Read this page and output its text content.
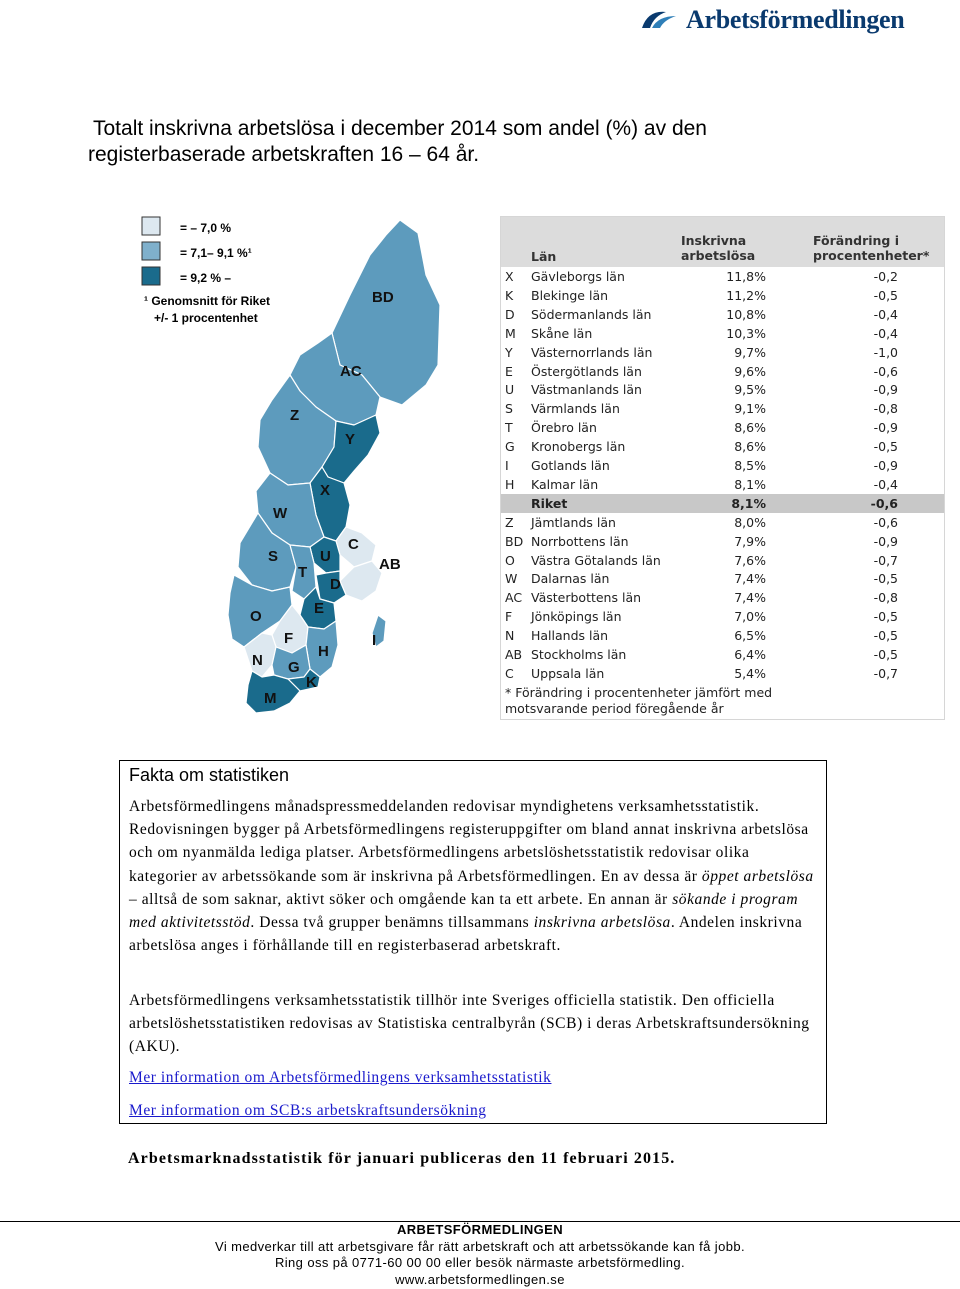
Arbetsförmedlingen
Totalt inskrivna arbetslösa i december 2014 som andel (%) av den
registerbaserade arbetskraften 16 – 64 år.
= – 7,0 %
= 7,1– 9,1 %¹
= 9,2 % –
¹ Genomsnitt för Riket
+/- 1 procentenhet
BD
AC
Z
Y
X
W
C
AB
S
T
U
D
O	E
F	I
H
N G
K
M
Län
Inskrivna arbetslösa
Förändring i procentenheter*
X Gävleborgs län	11,8%	-0,2
K Blekinge län	11,2%	-0,5
D Södermanlands län	10,8%	-0,4
M Skåne län	10,3%	-0,4
Y Västernorrlands län	9,7%	-1,0
E Östergötlands län	9,6%	-0,6
U Västmanlands län	9,5%	-0,9
S Värmlands län	9,1%	-0,8
T Örebro län	8,6%	-0,9
G Kronobergs län	8,6%	-0,5
I Gotlands län	8,5%	-0,9
H Kalmar län	8,1%	-0,4
Riket	8,1%	-0,6
Z Jämtlands län	8,0%	-0,6
BD Norrbottens län	7,9%	-0,9
O Västra Götalands län	7,6%	-0,7
W Dalarnas län	7,4%	-0,5
AC Västerbottens län	7,4%	-0,8
F Jönköpings län	7,0%	-0,5
N Hallands län	6,5%	-0,5
AB Stockholms län	6,4%	-0,5
C Uppsala län	5,4%	-0,7
* Förändring i procentenheter jämfört med
motsvarande period föregående år
Fakta om statistiken
Arbetsförmedlingens månadspressmeddelanden redovisar myndighetens verksamhetsstatistik. Redovisningen bygger på Arbetsförmedlingens registeruppgifter om bland annat inskrivna arbetslösa och om nyanmälda lediga platser. Arbetsförmedlingens arbetslöshetsstatistik redovisar olika kategorier av arbetssökande som är inskrivna på Arbetsförmedlingen. En av dessa är öppet arbetslösa – alltså de som saknar, aktivt söker och omgående kan ta ett arbete. En annan är sökande i program med aktivitetsstöd. Dessa två grupper benämns tillsammans inskrivna arbetslösa. Andelen inskrivna arbetslösa anges i förhållande till en registerbaserad arbetskraft.
Arbetsförmedlingens verksamhetsstatistik tillhör inte Sveriges officiella statistik. Den officiella arbetslöshetsstatistiken redovisas av Statistiska centralbyrån (SCB) i deras Arbetskraftsundersökning (AKU).
Mer information om Arbetsförmedlingens verksamhetsstatistik
Mer information om SCB:s arbetskraftsundersökning
Arbetsmarknadsstatistik för januari publiceras den 11 februari 2015.
ARBETSFÖRMEDLINGEN
Vi medverkar till att arbetsgivare får rätt arbetskraft och att arbetssökande kan få jobb.
Ring oss på 0771-60 00 00 eller besök närmaste arbetsförmedling.
www.arbetsformedlingen.se
